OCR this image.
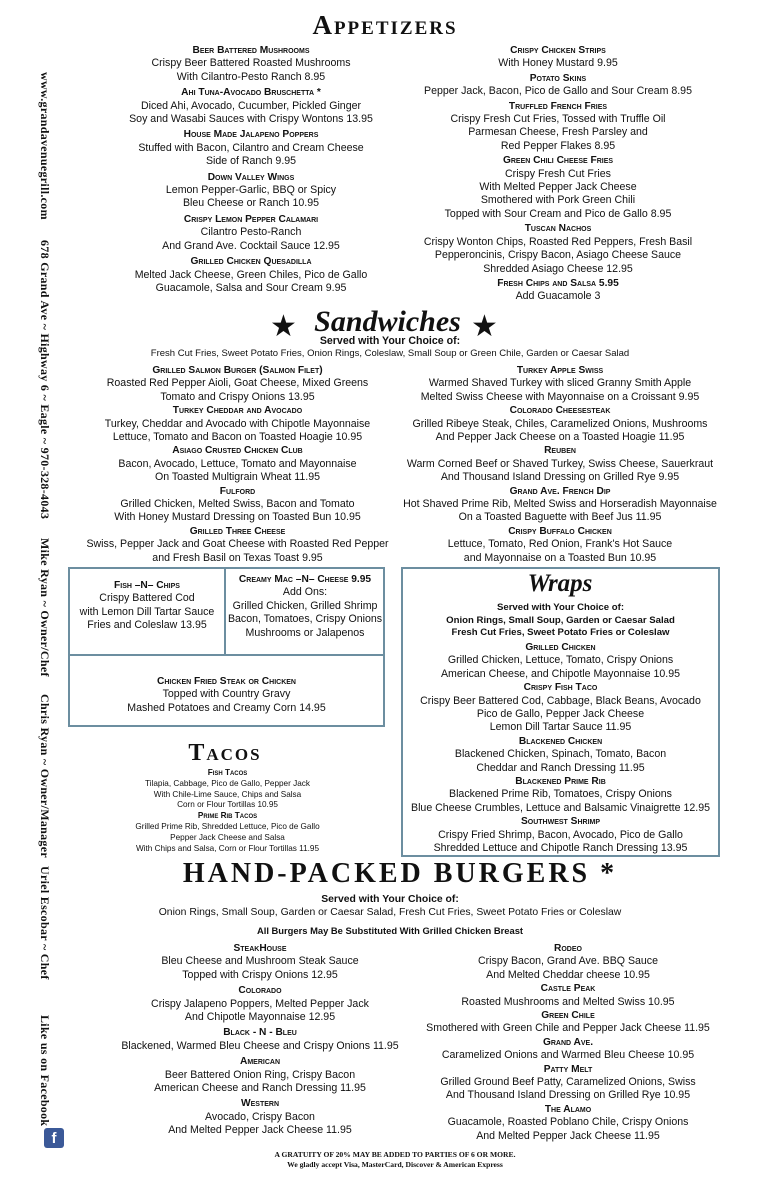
www.grandavenuegrill.com
678 Grand Ave ~ Highway 6 ~ Eagle ~ 970-328-4043
Mike Ryan ~ Owner/Chef
Chris Ryan ~ Owner/Manager
Uriel Escobar ~ Chef
Like us on Facebook
f
Appetizers
Beer Battered Mushrooms
Crispy Beer Battered Roasted Mushrooms
With Cilantro-Pesto Ranch 8.95
Ahi Tuna-Avocado Bruschetta *
Diced Ahi, Avocado, Cucumber, Pickled Ginger
Soy and Wasabi Sauces with Crispy Wontons 13.95
House Made Jalapeno Poppers
Stuffed with Bacon, Cilantro and Cream Cheese
Side of Ranch 9.95
Down Valley Wings
Lemon Pepper-Garlic, BBQ or Spicy
Bleu Cheese or Ranch 10.95
Crispy Lemon Pepper Calamari
Cilantro Pesto-Ranch
And Grand Ave. Cocktail Sauce 12.95
Grilled Chicken Quesadilla
Melted Jack Cheese, Green Chiles, Pico de Gallo
Guacamole, Salsa and Sour Cream 9.95
Crispy Chicken Strips
With Honey Mustard 9.95
Potato Skins
Pepper Jack, Bacon, Pico de Gallo and Sour Cream 8.95
Truffled French Fries
Crispy Fresh Cut Fries, Tossed with Truffle Oil
Parmesan Cheese, Fresh Parsley and
Red Pepper Flakes 8.95
Green Chili Cheese Fries
Crispy Fresh Cut Fries
With Melted Pepper Jack Cheese
Smothered with Pork Green Chili
Topped with Sour Cream and Pico de Gallo 8.95
Tuscan Nachos
Crispy Wonton Chips, Roasted Red Peppers, Fresh Basil
Pepperoncinis, Crispy Bacon, Asiago Cheese Sauce
Shredded Asiago Cheese 12.95
Fresh Chips and Salsa 5.95
Add Guacamole 3
★ Sandwiches ★
Served with Your Choice of:
Fresh Cut Fries, Sweet Potato Fries, Onion Rings, Coleslaw, Small Soup or Green Chile, Garden or Caesar Salad
Grilled Salmon Burger (Salmon Filet)
Roasted Red Pepper Aioli, Goat Cheese, Mixed Greens
Tomato and Crispy Onions 13.95
Turkey Cheddar and Avocado
Turkey, Cheddar and Avocado with Chipotle Mayonnaise
Lettuce, Tomato and Bacon on Toasted Hoagie 10.95
Asiago Crusted Chicken Club
Bacon, Avocado, Lettuce, Tomato and Mayonnaise
On Toasted Multigrain Wheat 11.95
Fulford
Grilled Chicken, Melted Swiss, Bacon and Tomato
With Honey Mustard Dressing on Toasted Bun 10.95
Grilled Three Cheese
Swiss, Pepper Jack and Goat Cheese with Roasted Red Pepper
and Fresh Basil on Texas Toast 9.95
Turkey Apple Swiss
Warmed Shaved Turkey with sliced Granny Smith Apple
Melted Swiss Cheese with Mayonnaise on a Croissant 9.95
Colorado Cheesesteak
Grilled Ribeye Steak, Chiles, Caramelized Onions, Mushrooms
And Pepper Jack Cheese on a Toasted Hoagie 11.95
Reuben
Warm Corned Beef or Shaved Turkey, Swiss Cheese, Sauerkraut
And Thousand Island Dressing on Grilled Rye 9.95
Grand Ave. French Dip
Hot Shaved Prime Rib, Melted Swiss and Horseradish Mayonnaise
On a Toasted Baguette with Beef Jus 11.95
Crispy Buffalo Chicken
Lettuce, Tomato, Red Onion, Frank's Hot Sauce
and Mayonnaise on a Toasted Bun 10.95
Fish –N– Chips
Crispy Battered Cod
with Lemon Dill Tartar Sauce
Fries and Coleslaw 13.95
Creamy Mac –N– Cheese 9.95
Add Ons:
Grilled Chicken, Grilled Shrimp
Bacon, Tomatoes, Crispy Onions
Mushrooms or Jalapenos
Chicken Fried Steak or Chicken
Topped with Country Gravy
Mashed Potatoes and Creamy Corn 14.95
Tacos
Fish Tacos
Tilapia, Cabbage, Pico de Gallo, Pepper Jack
With Chile-Lime Sauce, Chips and Salsa
Corn or Flour Tortillas 10.95
Prime Rib Tacos
Grilled Prime Rib, Shredded Lettuce, Pico de Gallo
Pepper Jack Cheese and Salsa
With Chips and Salsa, Corn or Flour Tortillas 11.95
Wraps
Served with Your Choice of:
Onion Rings, Small Soup, Garden or Caesar Salad
Fresh Cut Fries, Sweet Potato Fries or Coleslaw
Grilled Chicken
Grilled Chicken, Lettuce, Tomato, Crispy Onions
American Cheese, and Chipotle Mayonnaise 10.95
Crispy Fish Taco
Crispy Beer Battered Cod, Cabbage, Black Beans, Avocado
Pico de Gallo, Pepper Jack Cheese
Lemon Dill Tartar Sauce 11.95
Blackened Chicken
Blackened Chicken, Spinach, Tomato, Bacon
Cheddar and Ranch Dressing 11.95
Blackened Prime Rib
Blackened Prime Rib, Tomatoes, Crispy Onions
Blue Cheese Crumbles, Lettuce and Balsamic Vinaigrette 12.95
Southwest Shrimp
Crispy Fried Shrimp, Bacon, Avocado, Pico de Gallo
Shredded Lettuce and Chipotle Ranch Dressing 13.95
HAND-PACKED BURGERS *
Served with Your Choice of:
Onion Rings, Small Soup, Garden or Caesar Salad, Fresh Cut Fries, Sweet Potato Fries or Coleslaw
All Burgers May Be Substituted With Grilled Chicken Breast
SteakHouse
Bleu Cheese and Mushroom Steak Sauce
Topped with Crispy Onions 12.95
Colorado
Crispy Jalapeno Poppers, Melted Pepper Jack
And Chipotle Mayonnaise 12.95
Black - N - Bleu
Blackened, Warmed Bleu Cheese and Crispy Onions 11.95
American
Beer Battered Onion Ring, Crispy Bacon
American Cheese and Ranch Dressing 11.95
Western
Avocado, Crispy Bacon
And Melted Pepper Jack Cheese 11.95
Rodeo
Crispy Bacon, Grand Ave. BBQ Sauce
And Melted Cheddar cheese 10.95
Castle Peak
Roasted Mushrooms and Melted Swiss 10.95
Green Chile
Smothered with Green Chile and Pepper Jack Cheese 11.95
Grand Ave.
Caramelized Onions and Warmed Bleu Cheese 10.95
Patty Melt
Grilled Ground Beef Patty, Caramelized Onions, Swiss
And Thousand Island Dressing on Grilled Rye 10.95
The Alamo
Guacamole, Roasted Poblano Chile, Crispy Onions
And Melted Pepper Jack Cheese 11.95
A GRATUITY OF 20% MAY BE ADDED TO PARTIES OF 6 OR MORE.
We gladly accept Visa, MasterCard, Discover & American Express
